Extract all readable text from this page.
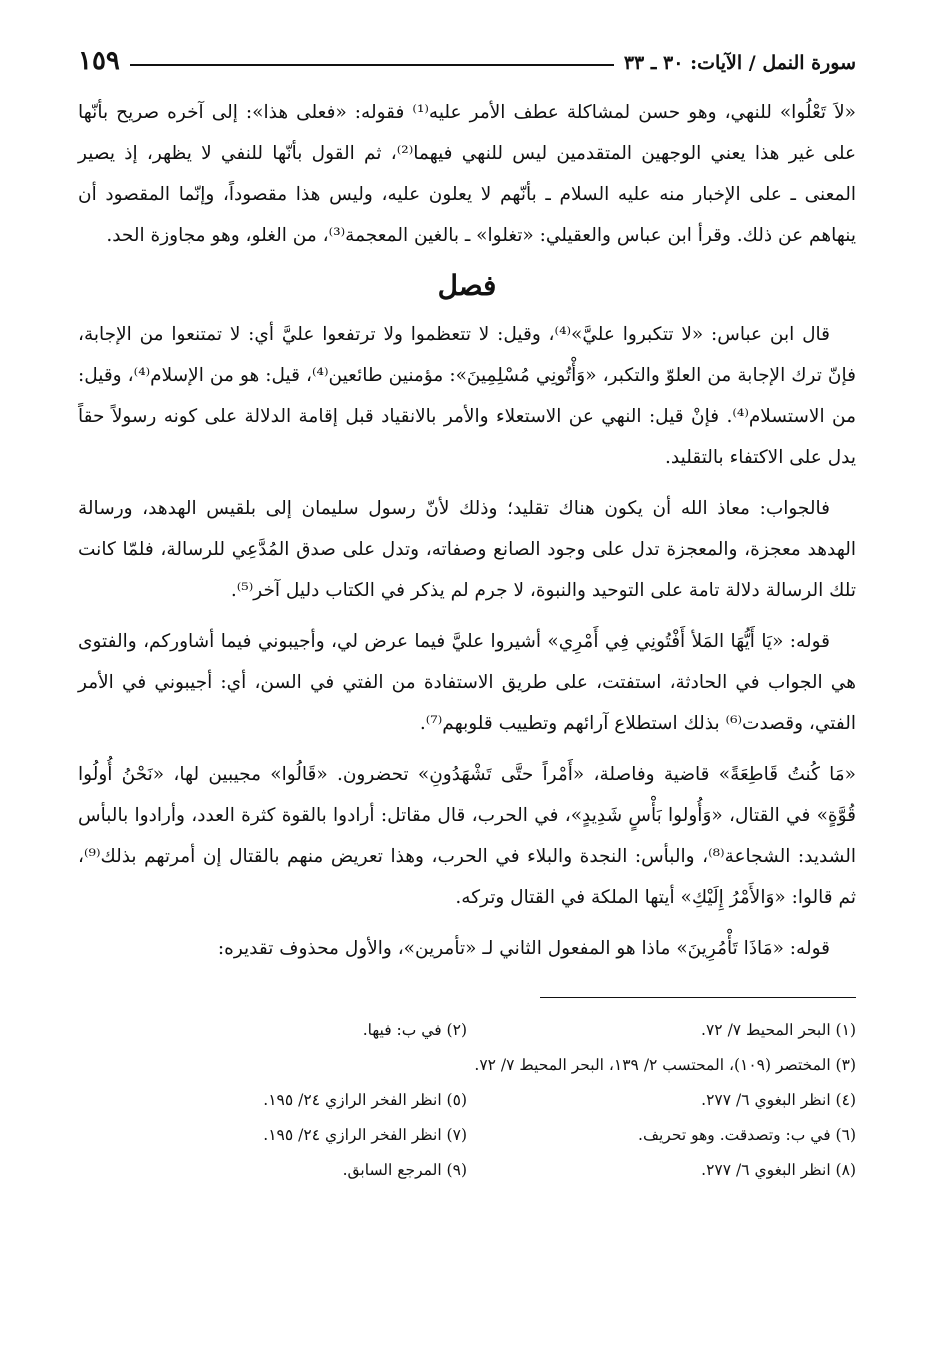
سورة النمل / الآيات: ٣٠ ـ ٣٣
١٥٩

«لاَ تَعْلُوا» للنهي، وهو حسن لمشاكلة عطف الأمر عليه⁽¹⁾ فقوله: «فعلى هذا»: إلى آخره صريح بأنّها على غير هذا يعني الوجهين المتقدمين ليس للنهي فيهما⁽²⁾، ثم القول بأنّها للنفي لا يظهر، إذ يصير المعنى ـ على الإخبار منه عليه السلام ـ بأنّهم لا يعلون عليه، وليس هذا مقصوداً، وإنّما المقصود أن ينهاهم عن ذلك. وقرأ ابن عباس والعقيلي: «تغلوا» ـ بالغين المعجمة⁽³⁾، من الغلو، وهو مجاوزة الحد.

فصل

قال ابن عباس: «لا تتكبروا عليَّ»⁽⁴⁾، وقيل: لا تتعظموا ولا ترتفعوا عليَّ أي: لا تمتنعوا من الإجابة، فإنّ ترك الإجابة من العلوّ والتكبر، «وَأْتُونِي مُسْلِمِينَ»: مؤمنين طائعين⁽⁴⁾، قيل: هو من الإسلام⁽⁴⁾، وقيل: من الاستسلام⁽⁴⁾. فإنْ قيل: النهي عن الاستعلاء والأمر بالانقياد قبل إقامة الدلالة على كونه رسولاً حقاً يدل على الاكتفاء بالتقليد.

فالجواب: معاذ الله أن يكون هناك تقليد؛ وذلك لأنّ رسول سليمان إلى بلقيس الهدهد، ورسالة الهدهد معجزة، والمعجزة تدل على وجود الصانع وصفاته، وتدل على صدق المُدَّعِي للرسالة، فلمّا كانت تلك الرسالة دلالة تامة على التوحيد والنبوة، لا جرم لم يذكر في الكتاب دليل آخر⁽⁵⁾.

قوله: «يَا أَيُّهَا المَلأ أَفْتُونِي فِي أَمْرِي» أشيروا عليَّ فيما عرض لي، وأجيبوني فيما أشاوركم، والفتوى هي الجواب في الحادثة، استفتت، على طريق الاستفادة من الفتي في السن، أي: أجيبوني في الأمر الفتي، وقصدت⁽⁶⁾ بذلك استطلاع آرائهم وتطييب قلوبهم⁽⁷⁾.

«مَا كُنتُ قَاطِعَةً» قاضية وفاصلة، «أَمْراً حتَّى تَشْهَدُونِ» تحضرون. «قَالُوا» مجيبين لها، «نَحْنُ أُولُوا قُوَّةٍ» في القتال، «وَأُولوا بَأْسٍ شَدِيدٍ»، في الحرب، قال مقاتل: أرادوا بالقوة كثرة العدد، وأرادوا بالبأس الشديد: الشجاعة⁽⁸⁾، والبأس: النجدة والبلاء في الحرب، وهذا تعريض منهم بالقتال إن أمرتهم بذلك⁽⁹⁾، ثم قالوا: «وَالأَمْرُ إِلَيْكِ» أيتها الملكة في القتال وتركه.

قوله: «مَاذَا تَأْمُرِينَ» ماذا هو المفعول الثاني لـ «تأمرين»، والأول محذوف تقديره:

(١) البحر المحيط ٧/ ٧٢.
(٢) في ب: فيها.
(٣) المختصر (١٠٩)، المحتسب ٢/ ١٣٩، البحر المحيط ٧/ ٧٢.
(٤) انظر البغوي ٦/ ٢٧٧.
(٥) انظر الفخر الرازي ٢٤/ ١٩٥.
(٦) في ب: وتصدقت. وهو تحريف.
(٧) انظر الفخر الرازي ٢٤/ ١٩٥.
(٨) انظر البغوي ٦/ ٢٧٧.
(٩) المرجع السابق.
